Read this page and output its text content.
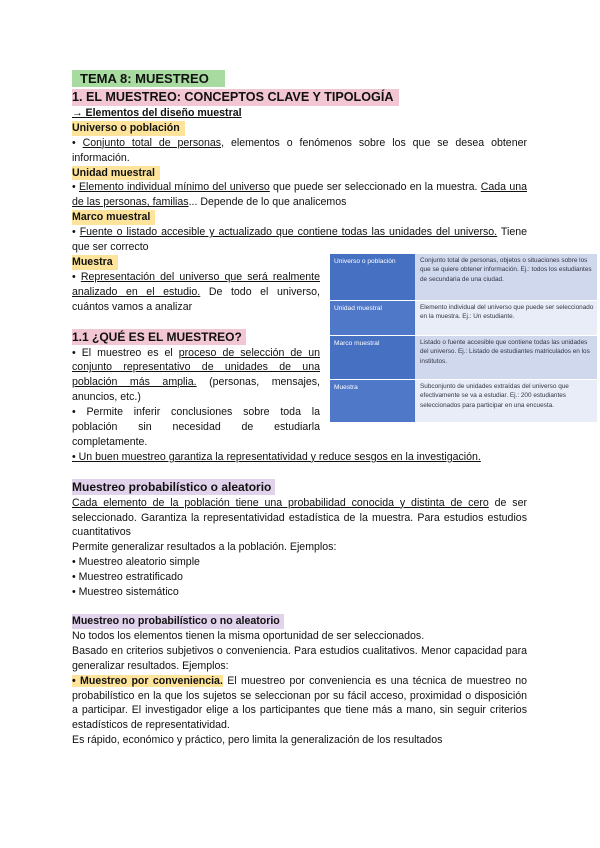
TEMA 8: MUESTREO

1. EL MUESTREO: CONCEPTOS CLAVE Y TIPOLOGÍA

→ Elementos del diseño muestral

Universo o población

• Conjunto total de personas, elementos o fenómenos sobre los que se desea obtener información.

Unidad muestral

• Elemento individual mínimo del universo que puede ser seleccionado en la muestra. Cada una de las personas, familias... Depende de lo que analicemos

Marco muestral

• Fuente o listado accesible y actualizado que contiene todas las unidades del universo. Tiene que ser correcto

Muestra

• Representación del universo que será realmente analizado en el estudio. De todo el universo, cuántos vamos a analizar

1.1 ¿QUÉ ES EL MUESTREO?

• El muestreo es el proceso de selección de un conjunto representativo de unidades de una población más amplia. (personas, mensajes, anuncios, etc.)

• Permite inferir conclusiones sobre toda la población sin necesidad de estudiarla completamente.

• Un buen muestreo garantiza la representatividad y reduce sesgos en la investigación.

Muestreo probabilístico o aleatorio

Cada elemento de la población tiene una probabilidad conocida y distinta de cero de ser seleccionado. Garantiza la representatividad estadística de la muestra. Para estudios estudios cuantitativos

Permite generalizar resultados a la población. Ejemplos:

• Muestreo aleatorio simple

• Muestreo estratificado

• Muestreo sistemático

Muestreo no probabilístico o no aleatorio

No todos los elementos tienen la misma oportunidad de ser seleccionados.

Basado en criterios subjetivos o conveniencia. Para estudios cualitativos. Menor capacidad para generalizar resultados. Ejemplos:

• Muestreo por conveniencia. El muestreo por conveniencia es una técnica de muestreo no probabilístico en la que los sujetos se seleccionan por su fácil acceso, proximidad o disposición a participar. El investigador elige a los participantes que tiene más a mano, sin seguir criterios estadísticos de representatividad.

Es rápido, económico y práctico, pero limita la generalización de los resultados

Universo o población	Conjunto total de personas, objetos o situaciones sobre los que se quiere obtener información. Ej.: todos los estudiantes de secundaria de una ciudad.
Unidad muestral	Elemento individual del universo que puede ser seleccionado en la muestra. Ej.: Un estudiante.
Marco muestral	Listado o fuente accesible que contiene todas las unidades del universo. Ej.: Listado de estudiantes matriculados en los institutos.
Muestra	Subconjunto de unidades extraídas del universo que efectivamente se va a estudiar. Ej.: 200 estudiantes seleccionados para participar en una encuesta.
